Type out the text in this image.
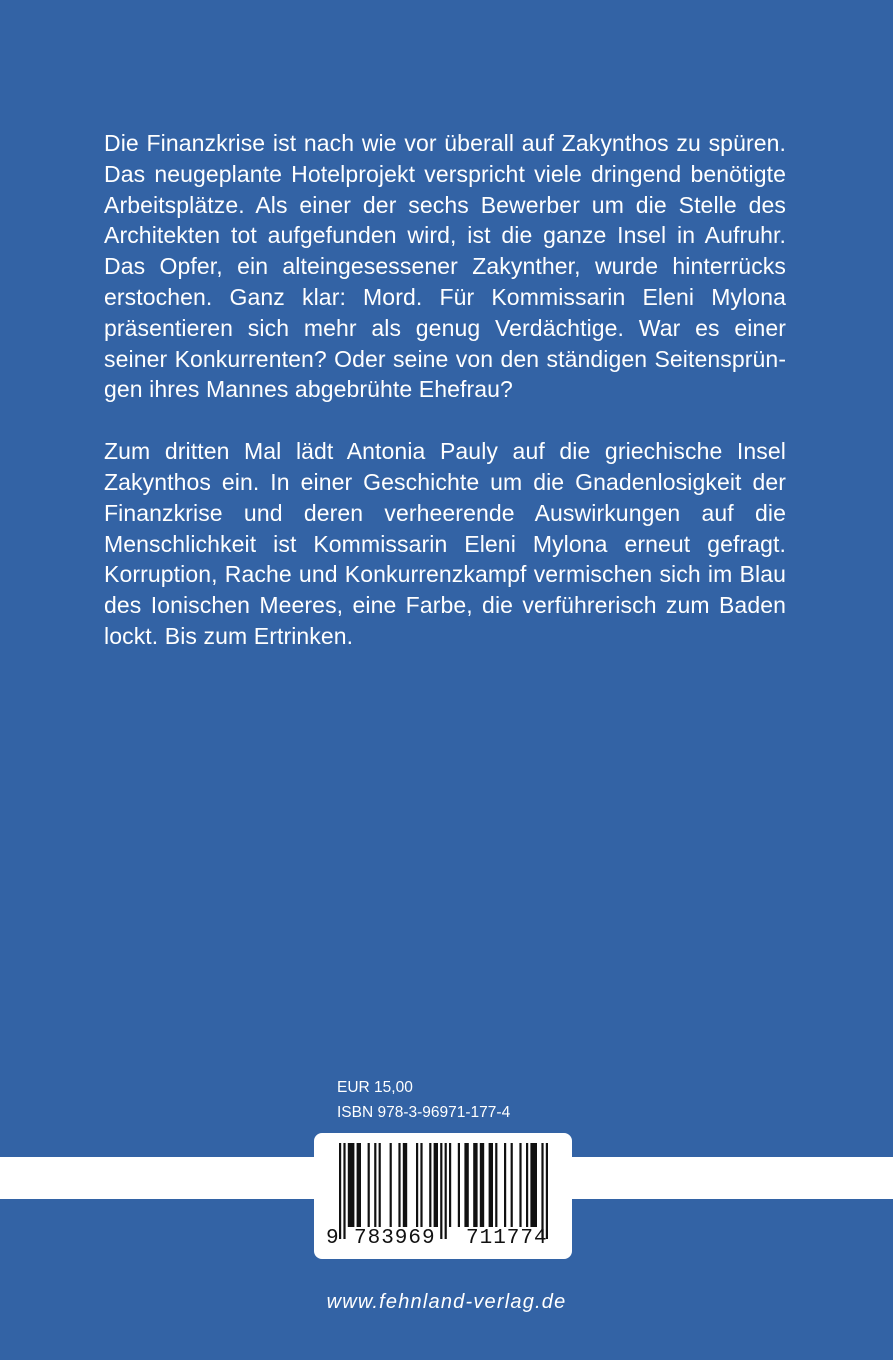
Die Finanzkrise ist nach wie vor überall auf Zakynthos zu spüren. Das neugeplante Hotelprojekt verspricht viele dringend benötigte Arbeitsplätze. Als einer der sechs Bewerber um die Stelle des Architekten tot aufgefunden wird, ist die ganze Insel in Aufruhr. Das Opfer, ein alteingesessener Zakynther, wurde hinterrücks erstochen. Ganz klar: Mord. Für Kommissarin Eleni Mylona präsentieren sich mehr als genug Verdächtige. War es einer seiner Konkurrenten? Oder seine von den ständigen Seitensprüngen ihres Mannes abgebrühte Ehefrau?

Zum dritten Mal lädt Antonia Pauly auf die griechische Insel Zakynthos ein. In einer Geschichte um die Gnadenlosigkeit der Finanzkrise und deren verheerende Auswirkungen auf die Menschlichkeit ist Kommissarin Eleni Mylona erneut gefragt. Korruption, Rache und Konkurrenzkampf vermischen sich im Blau des Ionischen Meeres, eine Farbe, die verführerisch zum Baden lockt. Bis zum Ertrinken.

EUR 15,00
ISBN 978-3-96971-177-4
9 783969 711774
www.fehnland-verlag.de
